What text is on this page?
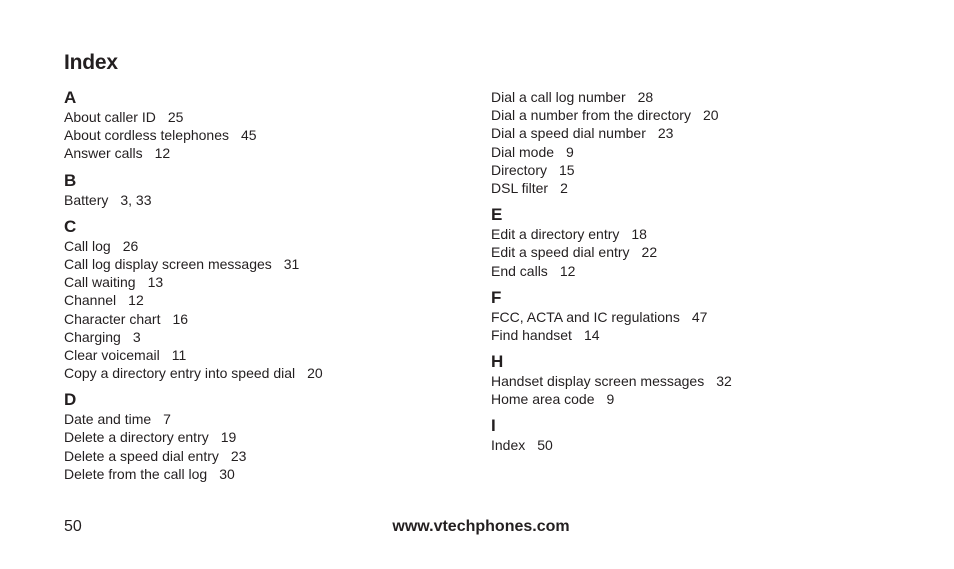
Index
A
About caller ID 25
About cordless telephones 45
Answer calls 12
B
Battery 3, 33
C
Call log 26
Call log display screen messages 31
Call waiting 13
Channel 12
Character chart 16
Charging 3
Clear voicemail 11
Copy a directory entry into speed dial 20
D
Date and time 7
Delete a directory entry 19
Delete a speed dial entry 23
Delete from the call log 30
Dial a call log number 28
Dial a number from the directory 20
Dial a speed dial number 23
Dial mode 9
Directory 15
DSL filter 2
E
Edit a directory entry 18
Edit a speed dial entry 22
End calls 12
F
FCC, ACTA and IC regulations 47
Find handset 14
H
Handset display screen messages 32
Home area code 9
I
Index 50
www.vtechphones.com
50
